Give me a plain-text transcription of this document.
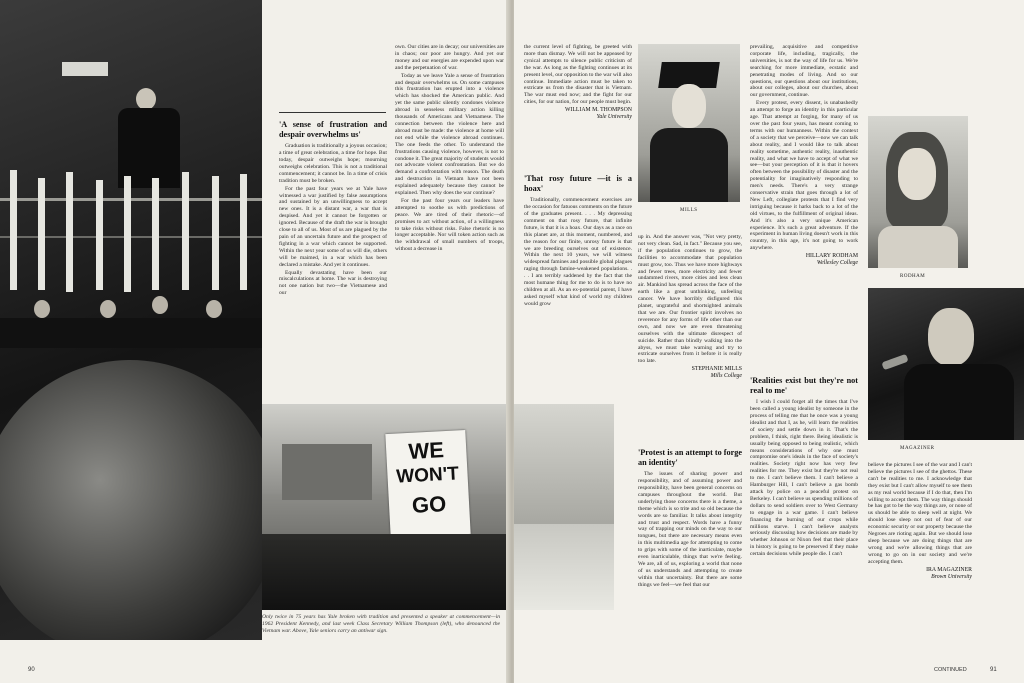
'A sense of frustration and despair overwhelms us'

Graduation is traditionally a joyous occasion; a time of great celebration, a time for hope. But today, despair outweighs hope; mourning outweighs celebration. This is not a traditional commencement; it cannot be. In a time of crisis tradition must be broken.

For the past four years we at Yale have witnessed a war justified by false assumptions and sustained by an unwillingness to accept new ones. It is a distant war, a war that is despised. And yet it cannot be forgotten or ignored. Because of the draft the war is brought close to all of us. Most of us are plagued by the pain of an uncertain future and the prospect of fighting in a war which cannot be supported. Within the next year some of us will die, others will be maimed, in a war which has been declared a mistake. And yet it continues.

Equally devastating have been our miscalculations at home. The war is destroying not one nation but two—the Vietnamese and our

own. Our cities are in decay; our universities are in chaos; our poor are hungry. And yet our money and our energies are expended upon war and the perpetuation of war.

Today as we leave Yale a sense of frustration and despair overwhelms us. On some campuses this frustration has erupted into a violence which has shocked the American public. And yet the same public silently condones violence abroad in senseless military action killing thousands of Americans and Vietnamese. The connection between the violence here and abroad must be made: the violence at home will not end while the violence abroad continues. The one feeds the other. To understand the frustrations causing violence, however, is not to condone it. The great majority of students would not advocate violent confrontation. But we do demand a confrontation with reason. The death and destruction in Vietnam have not been explained adequately because they cannot be explained. Then why does the war continue?

For the past four years our leaders have attempted to soothe us with predictions of peace. We are tired of their rhetoric—of promises to act without action, of a willingness to take risks without risks. False rhetoric is no longer acceptable. Nor will token action such as the withdrawal of small numbers of troops, without a decrease in

WE
WON'T
GO
Only twice in 75 years has Yale broken with tradition and presented a speaker at commencement—in 1962 President Kennedy, and last week Class Secretary William Thompson (left), who denounced the Vietnam war. Above, Yale seniors carry an antiwar sign.
90

the current level of fighting, be greeted with more than dismay. We will not be appeased by cynical attempts to silence public criticism of the war. As long as the fighting continues at its present level, our opposition to the war will also continue. Immediate action must be taken to extricate us from the disaster that is Vietnam. The war must end now; and the fight for our cities, for our nation, for our people must begin.

WILLIAM M. THOMPSON
Yale University
'That rosy future —it is a hoax'

Traditionally, commencement exercises are the occasion for fatuous comments on the future of the graduates present. . . . My depressing comment on that rosy future, that infinite future, is that it is a hoax. Our days as a race on this planet are, at this moment, numbered, and the reason for our finite, unrosy future is that we are breeding ourselves out of existence. Within the next 10 years, we will witness widespread famines and possible global plagues raging through famine-weakened populations. . . . I am terribly saddened by the fact that the most humane thing for me to do is to have no children at all. As an ex-potential parent, I have asked myself what kind of world my children would grow

MILLS

up in. And the answer was, "Not very pretty, not very clean. Sad, in fact." Because you see, if the population continues to grow, the facilities to accommodate that population must grow, too. Thus we have more highways and fewer trees, more electricity and fewer undammed rivers, more cities and less clean air. Mankind has spread across the face of the earth like a great unthinking, unfeeling cancer. We have horribly disfigured this planet, ungrateful and shortsighted animals that we are. Our frontier spirit involves no reverence for any forms of life other than our own, and now we are even threatening ourselves with the ultimate disrespect of suicide. Rather than blindly walking into the abyss, we must take warning and try to extricate ourselves from it before it is really too late.

STEPHANIE MILLS
Mills College
'Protest is an attempt to forge an identity'

The issues of sharing power and responsibility, and of assuming power and responsibility, have been general concerns on campuses throughout the world. But underlying those concerns there is a theme, a theme which is so trite and so old because the words are so familiar. It talks about integrity and trust and respect. Words have a funny way of trapping our minds on the way to our tongues, but there are necessary means even in this multimedia age for attempting to come to grips with some of the inarticulate, maybe even inarticulable, things that we're feeling. We are, all of us, exploring a world that none of us understands and attempting to create within that uncertainty. But there are some things we feel—we feel that our

prevailing, acquisitive and competitive corporate life, including, tragically, the universities, is not the way of life for us. We're searching for more immediate, ecstatic and penetrating modes of living. And so our questions, our questions about our institutions, about our colleges, about our churches, about our government, continue.

Every protest, every dissent, is unabashedly an attempt to forge an identity in this particular age. That attempt at forging, for many of us over the past four years, has meant coming to terms with our humanness. Within the context of a society that we perceive—now we can talk about reality, and I would like to talk about reality sometime, authentic reality, inauthentic reality, and what we have to accept of what we see—but your perception of it is that it hovers often between the possibility of disaster and the potentiality for imaginatively responding to men's needs. There's a very strange conservative strain that goes through a lot of New Left, collegiate protests that I find very intriguing because it harks back to a lot of the old virtues, to the fulfillment of original ideas. And it's also a very unique American experience. It's such a great adventure. If the experiment in human living doesn't work in this country, in this age, it's not going to work anywhere.

HILLARY RODHAM
Wellesley College
'Realities exist but they're not real to me'

I wish I could forget all the times that I've been called a young idealist by someone in the process of telling me that he once was a young idealist and that I, as he, will learn the realities of society and settle down in it. That's the problem, I think, right there. Being idealistic is usually being opposed to being realistic, which means considerations of why one must compromise one's ideals in the face of society's realities. Society right now has very few realities for me. They exist but they're not real to me. I can't believe them. I can't believe a Hamburger Hill, I can't believe a gas bomb attack by police on a peaceful protest on Berkeley. I can't believe us spending millions of dollars to send soldiers over to West Germany to engage in a war game. I can't believe financing the burning of our crops while millions starve. I can't believe analysts seriously discussing how decisions are made by whether Johnson or Nixon feel that their place in history is going to be preserved if they make certain decisions while people die. I can't

RODHAM
MAGAZINER

believe the pictures I see of the war and I can't believe the pictures I see of the ghettos. These can't be realities to me. I acknowledge that they exist but I can't allow myself to see them as my real world because if I do that, then I'm willing to accept them. The way things should be has got to be the way things are, or none of us should be able to sleep well at night. We should lose sleep not out of fear of our economic security or our property because the Negroes are rioting again. But we should lose sleep because we are doing things that are wrong and we're allowing things that are wrong to go on in our society and we're accepting them.

IRA MAGAZINER
Brown University
CONTINUED	91
